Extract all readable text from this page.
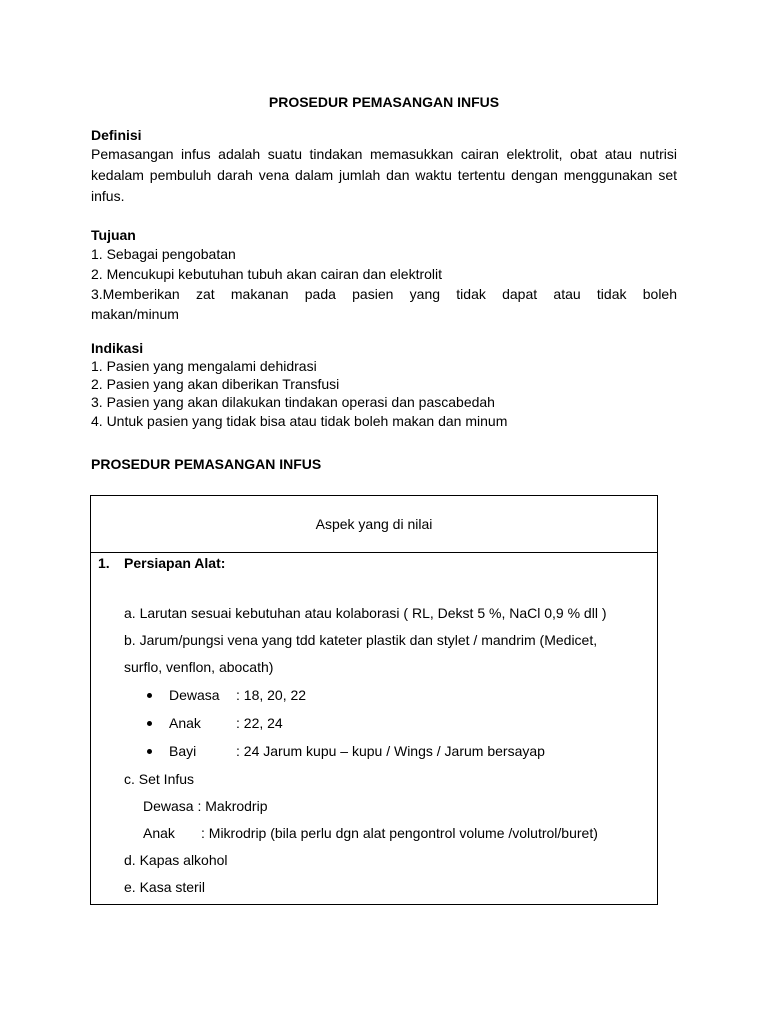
PROSEDUR PEMASANGAN INFUS
Definisi
Pemasangan infus adalah suatu tindakan memasukkan cairan elektrolit, obat atau nutrisi kedalam pembuluh darah vena dalam jumlah dan waktu tertentu dengan menggunakan set infus.
Tujuan
1. Sebagai pengobatan
2. Mencukupi kebutuhan tubuh akan cairan dan elektrolit
3.Memberikan zat makanan pada pasien yang tidak dapat atau tidak boleh
makan/minum
Indikasi
1. Pasien yang mengalami dehidrasi
2. Pasien yang akan diberikan Transfusi
3. Pasien yang akan dilakukan tindakan operasi dan pascabedah
4. Untuk pasien yang tidak bisa atau tidak boleh makan dan minum
PROSEDUR PEMASANGAN INFUS
Aspek yang di nilai
1. Persiapan Alat:
a. Larutan sesuai kebutuhan atau kolaborasi ( RL, Dekst 5 %, NaCl 0,9 % dll )
b. Jarum/pungsi vena yang tdd kateter plastik dan stylet / mandrim (Medicet,
surflo, venflon, abocath)
Dewasa : 18, 20, 22
Anak	: 22, 24
Bayi	: 24 Jarum kupu – kupu / Wings / Jarum bersayap
c. Set Infus
Dewasa : Makrodrip
Anak : Mikrodrip (bila perlu dgn alat pengontrol volume /volutrol/buret)
d. Kapas alkohol
e. Kasa steril
